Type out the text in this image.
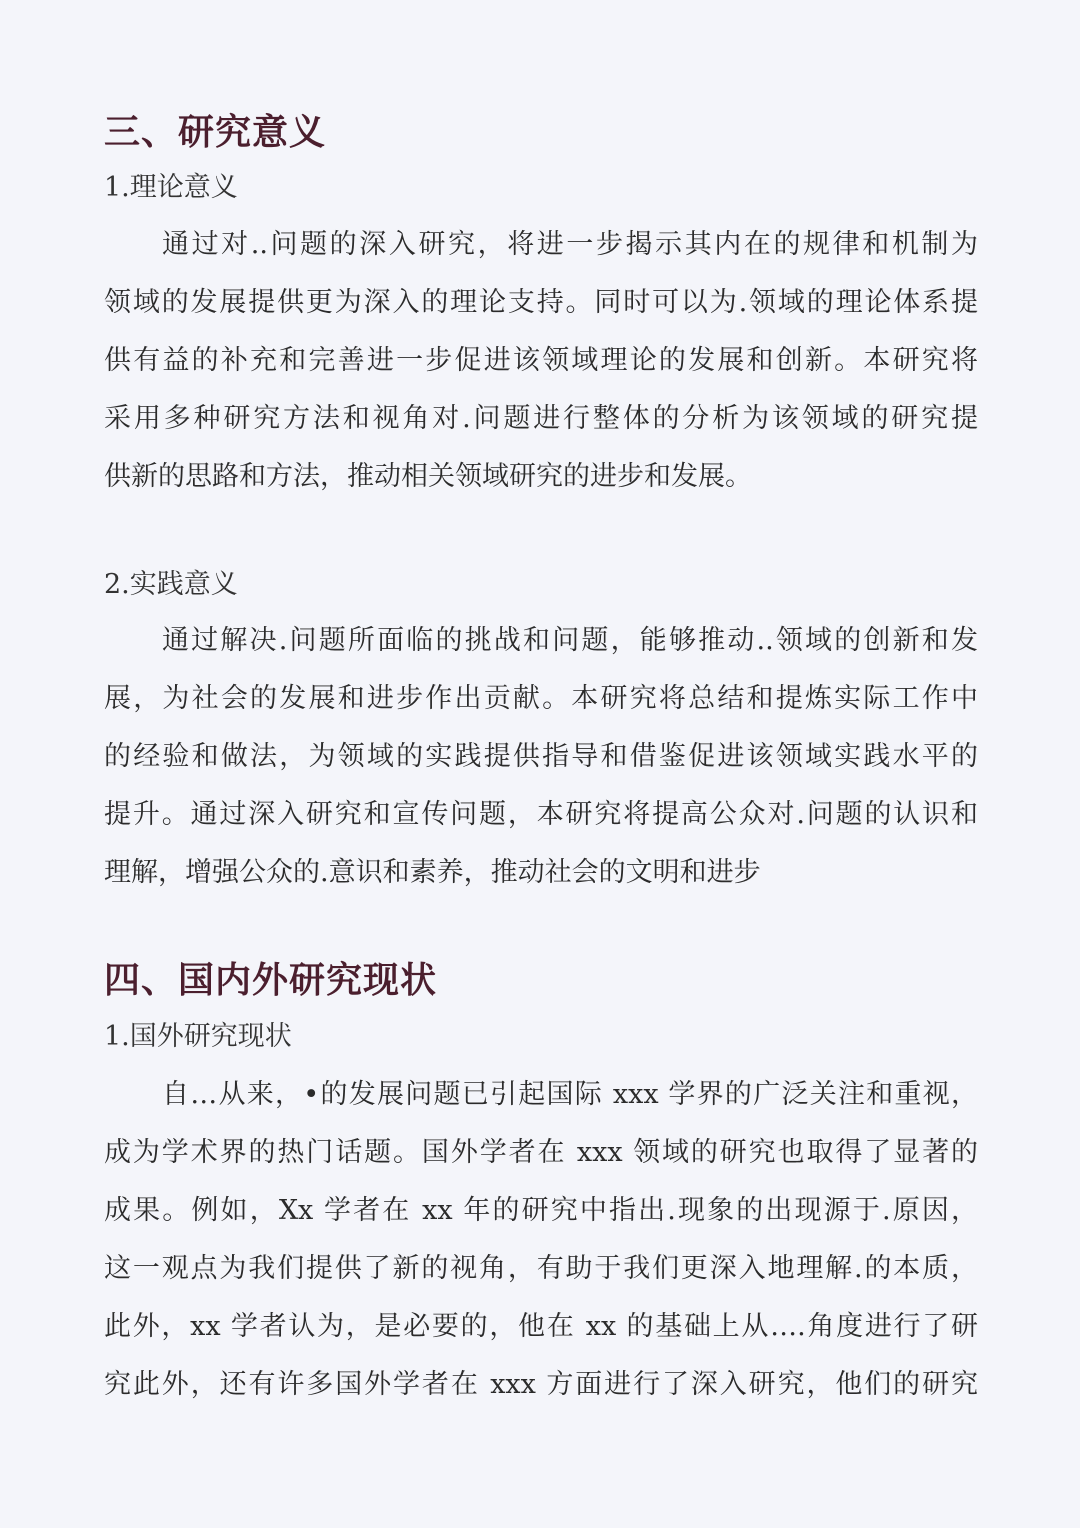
三、研究意义
1.理论意义
通过对..问题的深入研究，将进一步揭示其内在的规律和机制为
领域的发展提供更为深入的理论支持。同时可以为.领域的理论体系提
供有益的补充和完善进一步促进该领域理论的发展和创新。本研究将
采用多种研究方法和视角对.问题进行整体的分析为该领域的研究提
供新的思路和方法，推动相关领域研究的进步和发展。
2.实践意义
通过解决.问题所面临的挑战和问题，能够推动..领域的创新和发
展，为社会的发展和进步作出贡献。本研究将总结和提炼实际工作中
的经验和做法，为领域的实践提供指导和借鉴促进该领域实践水平的
提升。通过深入研究和宣传问题，本研究将提高公众对.问题的认识和
理解，增强公众的.意识和素养，推动社会的文明和进步
四、国内外研究现状
1.国外研究现状
自…从来，•的发展问题已引起国际 xxx 学界的广泛关注和重视，
成为学术界的热门话题。国外学者在 xxx 领域的研究也取得了显著的
成果。例如，Xx 学者在 xx 年的研究中指出.现象的出现源于.原因，
这一观点为我们提供了新的视角，有助于我们更深入地理解.的本质，
此外，xx 学者认为，是必要的，他在 xx 的基础上从….角度进行了研
究此外，还有许多国外学者在 xxx 方面进行了深入研究，他们的研究
